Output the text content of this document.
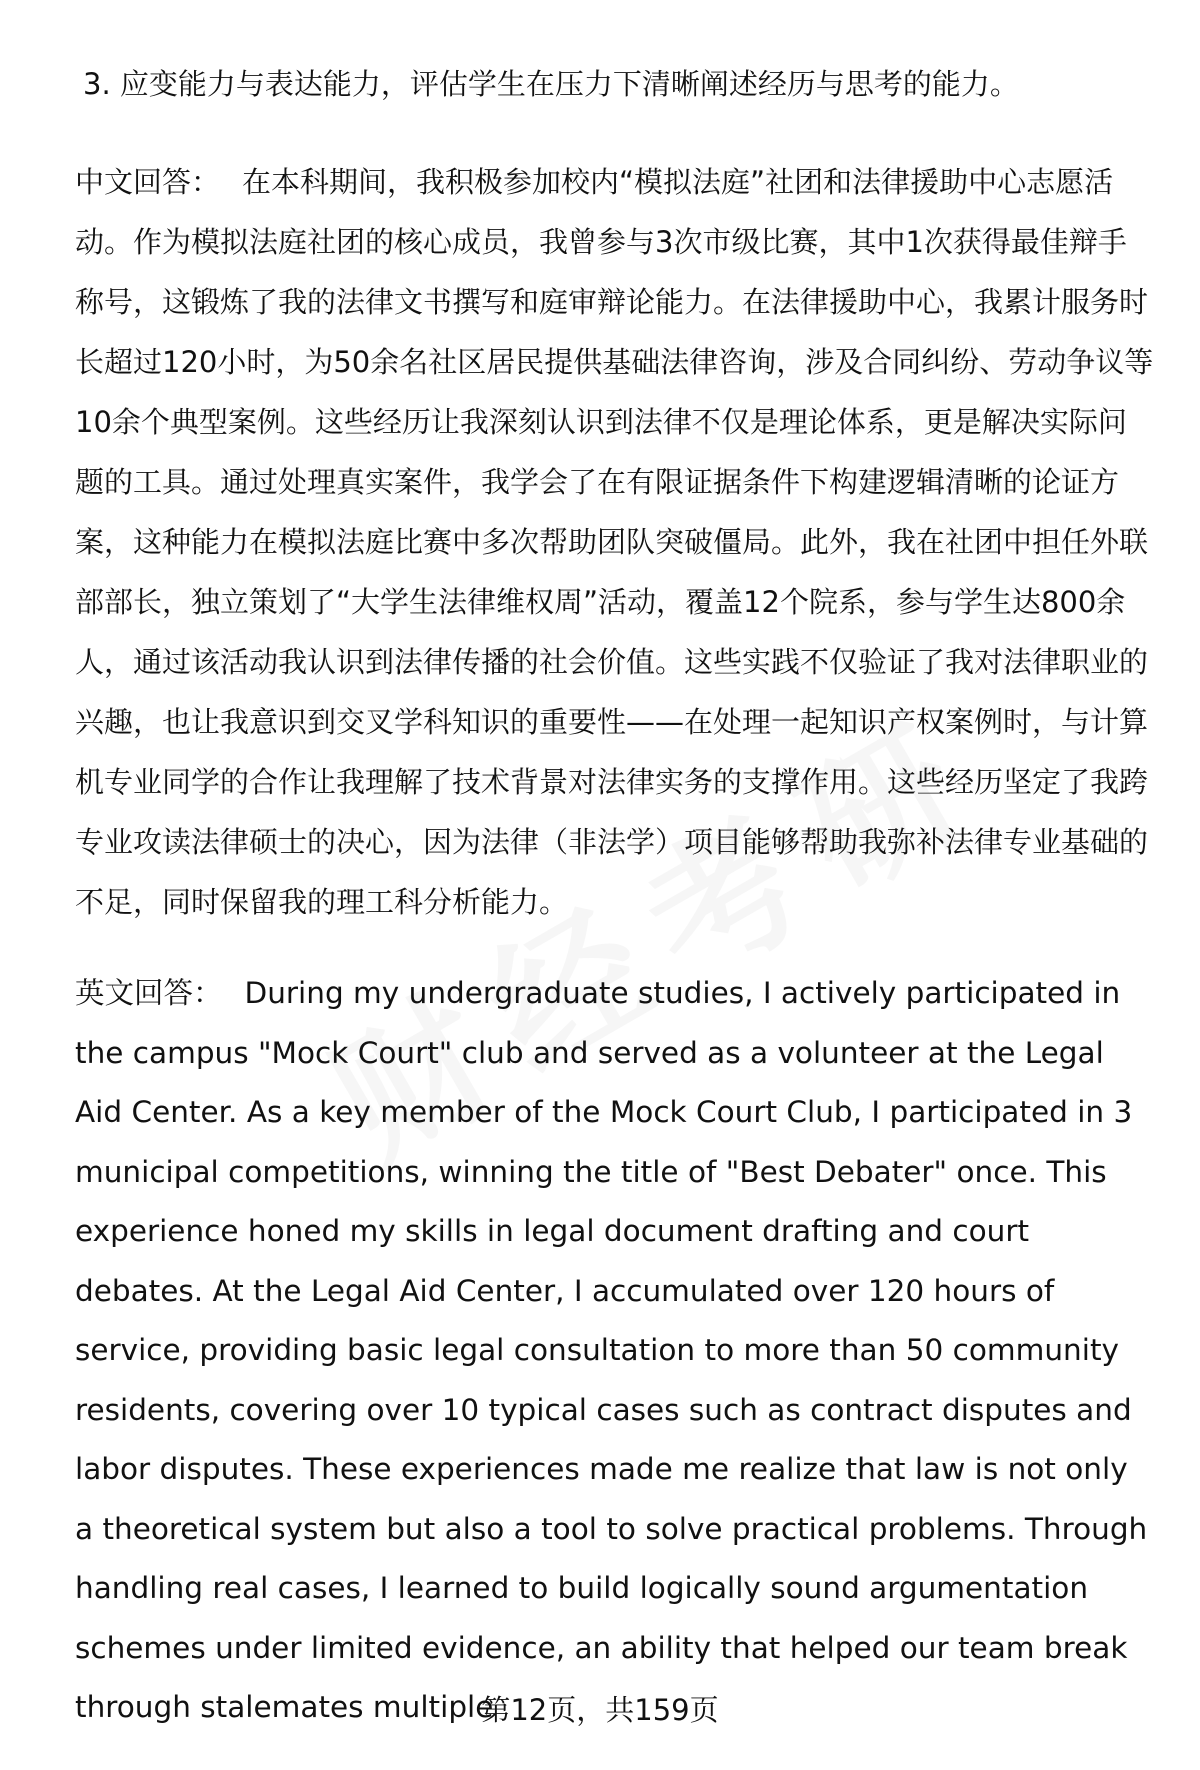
3. 应变能力与表达能力，评估学生在压力下清晰阐述经历与思考的能力。

中文回答： 在本科期间，我积极参加校内“模拟法庭”社团和法律援助中心志愿活动。作为模拟法庭社团的核心成员，我曾参与3次市级比赛，其中1次获得最佳辩手称号，这锻炼了我的法律文书撰写和庭审辩论能力。在法律援助中心，我累计服务时长超过120小时，为50余名社区居民提供基础法律咨询，涉及合同纠纷、劳动争议等10余个典型案例。这些经历让我深刻认识到法律不仅是理论体系，更是解决实际问题的工具。通过处理真实案件，我学会了在有限证据条件下构建逻辑清晰的论证方案，这种能力在模拟法庭比赛中多次帮助团队突破僵局。此外，我在社团中担任外联部部长，独立策划了“大学生法律维权周”活动，覆盖12个院系，参与学生达800余人，通过该活动我认识到法律传播的社会价值。这些实践不仅验证了我对法律职业的兴趣，也让我意识到交叉学科知识的重要性——在处理一起知识产权案例时，与计算机专业同学的合作让我理解了技术背景对法律实务的支撑作用。这些经历坚定了我跨专业攻读法律硕士的决心，因为法律（非法学）项目能够帮助我弥补法律专业基础的不足，同时保留我的理工科分析能力。

英文回答： During my undergraduate studies, I actively participated in the campus "Mock Court" club and served as a volunteer at the Legal Aid Center. As a key member of the Mock Court Club, I participated in 3 municipal competitions, winning the title of "Best Debater" once. This experience honed my skills in legal document drafting and court debates. At the Legal Aid Center, I accumulated over 120 hours of service, providing basic legal consultation to more than 50 community residents, covering over 10 typical cases such as contract disputes and labor disputes. These experiences made me realize that law is not only a theoretical system but also a tool to solve practical problems. Through handling real cases, I learned to build logically sound argumentation schemes under limited evidence, an ability that helped our team break through stalemates multiple

第12页，共159页
